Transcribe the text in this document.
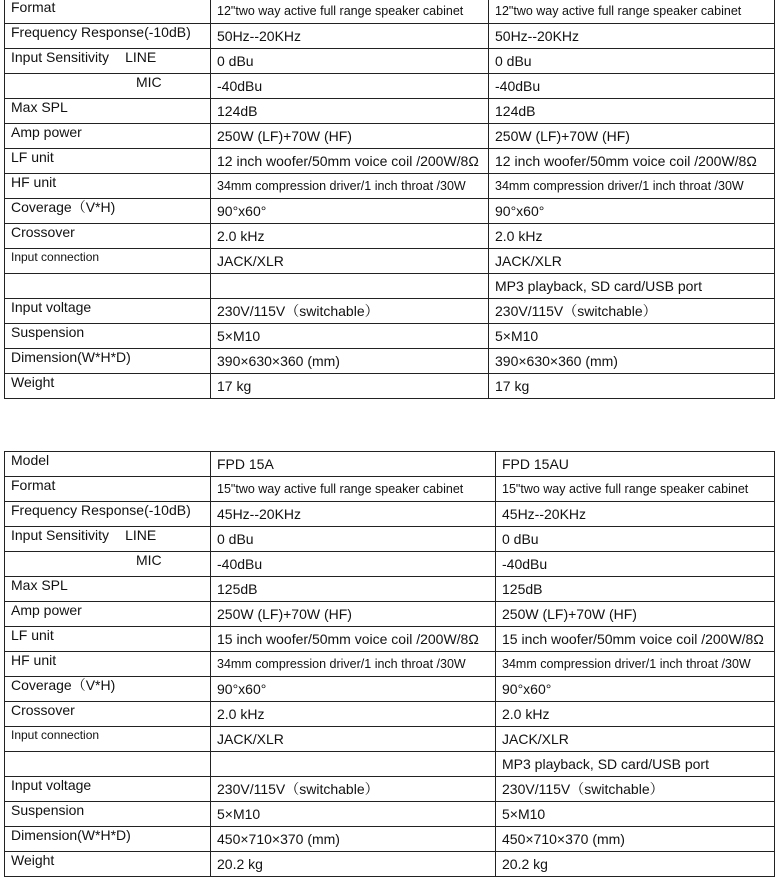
Format	12"two way active full range speaker cabinet	12"two way active full range speaker cabinet
Frequency Response(-10dB)	50Hz--20KHz	50Hz--20KHz
Input Sensitivity LINE	0 dBu	0 dBu
MIC	-40dBu	-40dBu
Max SPL	124dB	124dB
Amp power	250W (LF)+70W (HF)	250W (LF)+70W (HF)
LF unit	12 inch woofer/50mm voice coil /200W/8Ω	12 inch woofer/50mm voice coil /200W/8Ω
HF unit	34mm compression driver/1 inch throat /30W	34mm compression driver/1 inch throat /30W
Coverage（V*H)	90°x60°	90°x60°
Crossover	2.0 kHz	2.0 kHz
Input connection	JACK/XLR	JACK/XLR
		MP3 playback, SD card/USB port
Input voltage	230V/115V（switchable）	230V/115V（switchable）
Suspension	5×M10	5×M10
Dimension(W*H*D)	390×630×360 (mm)	390×630×360 (mm)
Weight	17 kg	17 kg
Model	FPD 15A	FPD 15AU
Format	15"two way active full range speaker cabinet	15"two way active full range speaker cabinet
Frequency Response(-10dB)	45Hz--20KHz	45Hz--20KHz
Input Sensitivity LINE	0 dBu	0 dBu
MIC	-40dBu	-40dBu
Max SPL	125dB	125dB
Amp power	250W (LF)+70W (HF)	250W (LF)+70W (HF)
LF unit	15 inch woofer/50mm voice coil /200W/8Ω	15 inch woofer/50mm voice coil /200W/8Ω
HF unit	34mm compression driver/1 inch throat /30W	34mm compression driver/1 inch throat /30W
Coverage（V*H)	90°x60°	90°x60°
Crossover	2.0 kHz	2.0 kHz
Input connection	JACK/XLR	JACK/XLR
		MP3 playback, SD card/USB port
Input voltage	230V/115V（switchable）	230V/115V（switchable）
Suspension	5×M10	5×M10
Dimension(W*H*D)	450×710×370 (mm)	450×710×370 (mm)
Weight	20.2 kg	20.2 kg
